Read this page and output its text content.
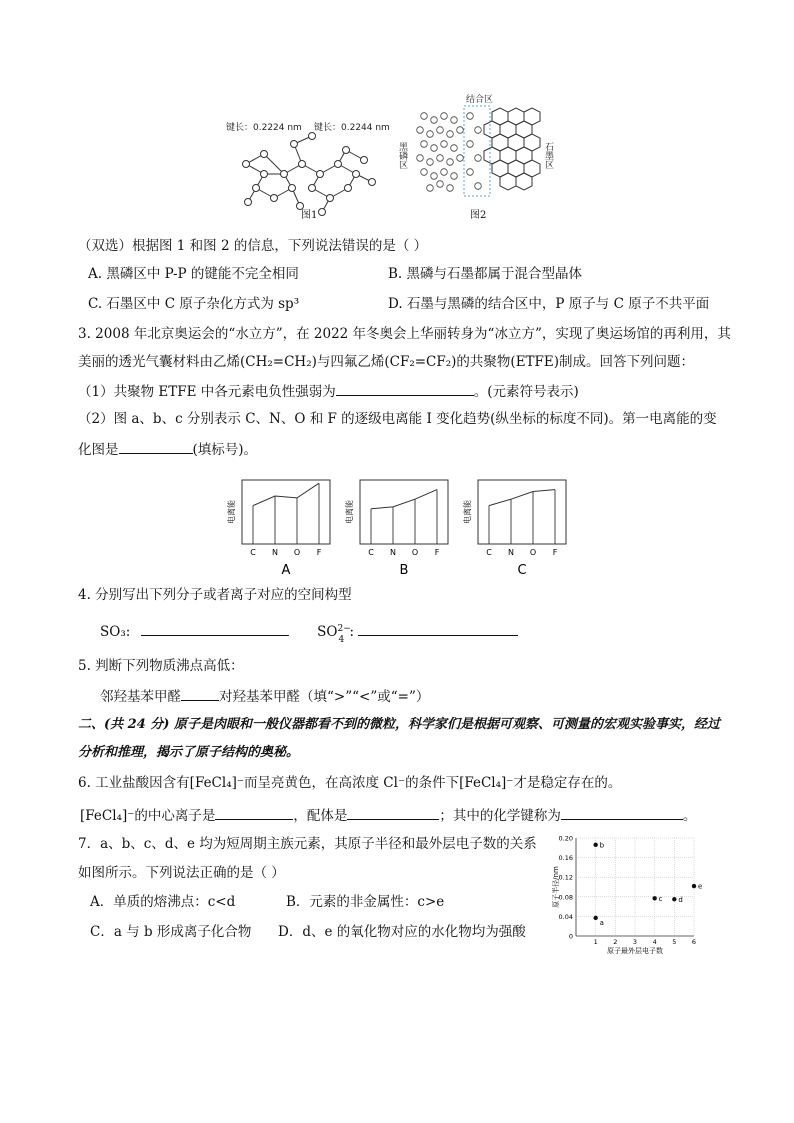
键长：0.2224 nm 键长：0.2244 nm
图1
结合区
石墨区
黑磷区
图2
（双选）根据图 1 和图 2 的信息，下列说法错误的是（ ）
A. 黑磷区中 P-P 的键能不完全相同	B. 黑磷与石墨都属于混合型晶体
C. 石墨区中 C 原子杂化方式为 sp³	D. 石墨与黑磷的结合区中，P 原子与 C 原子不共平面
3. 2008 年北京奥运会的“水立方”，在 2022 年冬奥会上华丽转身为“冰立方”，实现了奥运场馆的再利用，其
美丽的透光气囊材料由乙烯(CH₂=CH₂)与四氟乙烯(CF₂=CF₂)的共聚物(ETFE)制成。回答下列问题：
（1）共聚物 ETFE 中各元素电负性强弱为	。(元素符号表示)
（2）图 a、b、c 分别表示 C、N、O 和 F 的逐级电离能 I 变化趋势(纵坐标的标度不同)。第一电离能的变
化图是	(填标号)。
电离能
C N O F
A
电离能
C N O F
B
电离能
C N O F
C
4. 分别写出下列分子或者离子对应的空间构型
SO₃:	SO 2−
4 :
5. 判断下列物质沸点高低：
邻羟基苯甲醛	对羟基苯甲醛（填“>”“<”或“=”）
二、(共 24 分) 原子是肉眼和一般仪器都看不到的微粒，科学家们是根据可观察、可测量的宏观实验事实，经过
分析和推理，揭示了原子结构的奥秘。
6. 工业盐酸因含有[FeCl₄]⁻而呈亮黄色，在高浓度 Cl⁻的条件下[FeCl₄]⁻才是稳定存在的。
[FeCl₄]⁻的中心离子是	，配体是	；其中的化学键称为	。
7．a、b、c、d、e 均为短周期主族元素，其原子半径和最外层电子数的关系
如图所示。下列说法正确的是（ ）
A．单质的熔沸点：c<d	B．元素的非金属性：c>e
C．a 与 b 形成离子化合物 D．d、e 的氧化物对应的水化物均为强酸	0
0.04
0.08
0.12
0.16
0.20
1 2 3 4 5 6
原子最外层电子数
原子半径/nm
a
b
c d
e
